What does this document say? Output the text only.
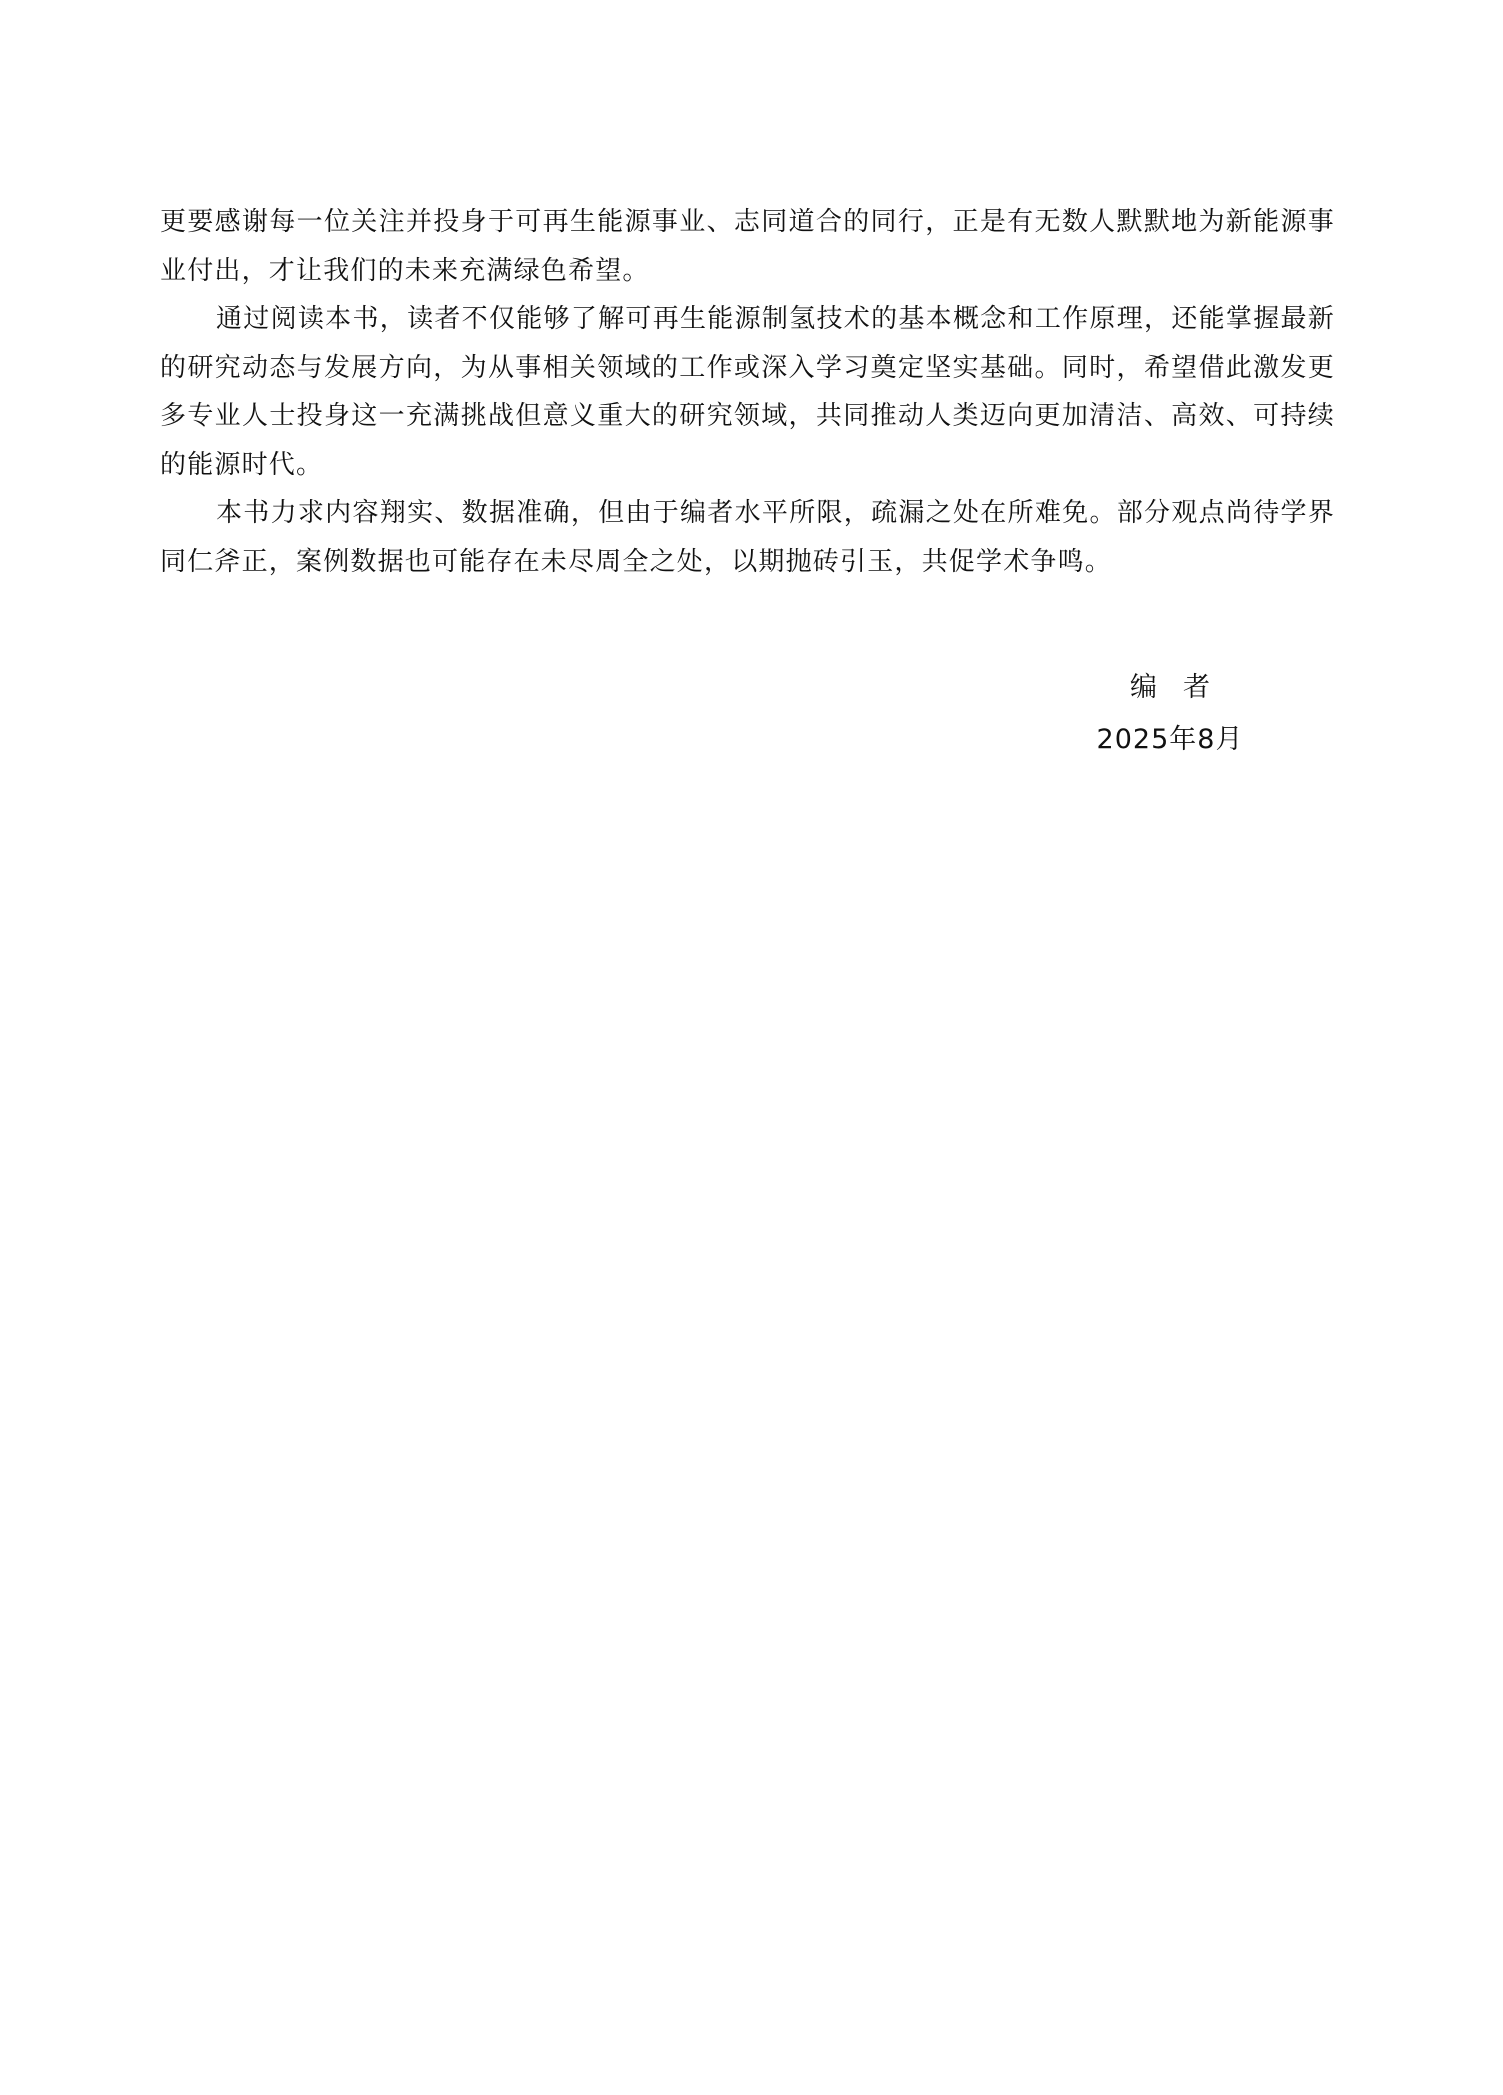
更要感谢每一位关注并投身于可再生能源事业、志同道合的同行，正是有无数人默默地为新能源事业付出，才让我们的未来充满绿色希望。

通过阅读本书，读者不仅能够了解可再生能源制氢技术的基本概念和工作原理，还能掌握最新的研究动态与发展方向，为从事相关领域的工作或深入学习奠定坚实基础。同时，希望借此激发更多专业人士投身这一充满挑战但意义重大的研究领域，共同推动人类迈向更加清洁、高效、可持续的能源时代。

本书力求内容翔实、数据准确，但由于编者水平所限，疏漏之处在所难免。部分观点尚待学界同仁斧正，案例数据也可能存在未尽周全之处，以期抛砖引玉，共促学术争鸣。

编者
2025年8月
